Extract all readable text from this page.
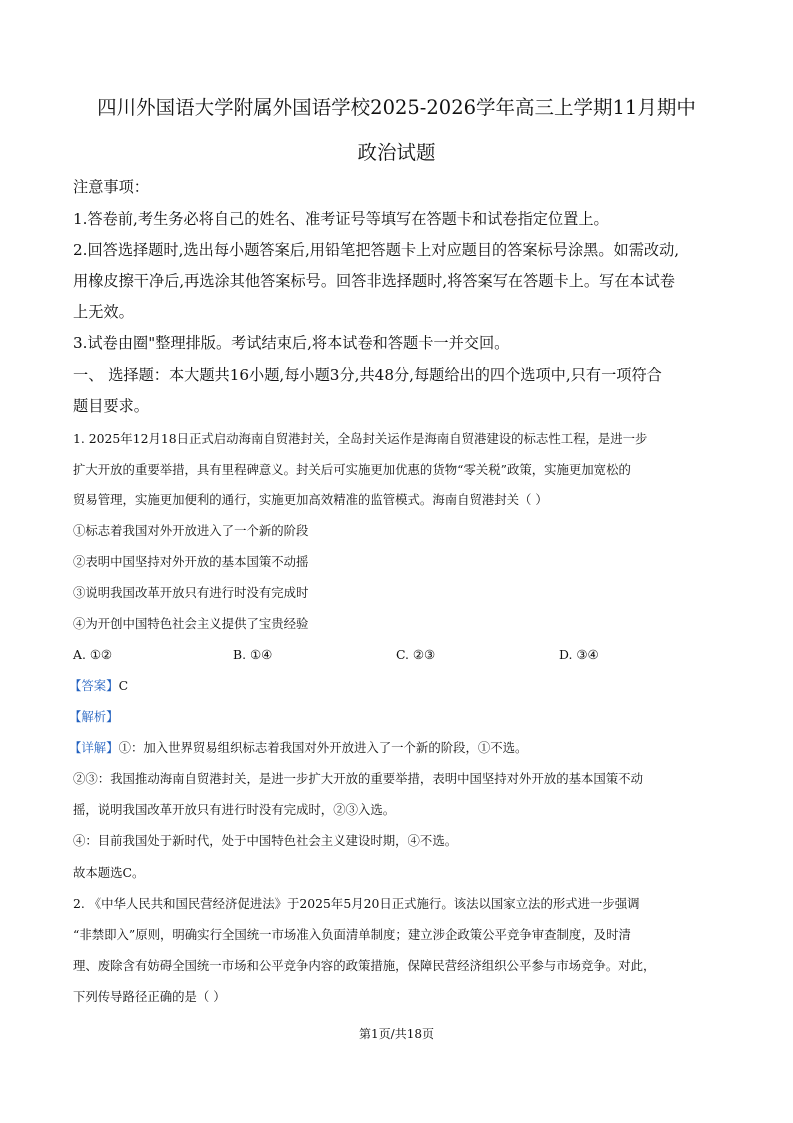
四川外国语大学附属外国语学校2025-2026学年高三上学期11月期中
政治试题
注意事项：
1.答卷前,考生务必将自己的姓名、准考证号等填写在答题卡和试卷指定位置上。
2.回答选择题时,选出每小题答案后,用铅笔把答题卡上对应题目的答案标号涂黑。如需改动,
用橡皮擦干净后,再选涂其他答案标号。回答非选择题时,将答案写在答题卡上。写在本试卷
上无效。
3.试卷由圈"整理排版。考试结束后,将本试卷和答题卡一并交回。
一、 选择题：本大题共16小题,每小题3分,共48分,每题给出的四个选项中,只有一项符合
题目要求。
1. 2025年12月18日正式启动海南自贸港封关，全岛封关运作是海南自贸港建设的标志性工程，是进一步
扩大开放的重要举措，具有里程碑意义。封关后可实施更加优惠的货物“零关税”政策，实施更加宽松的
贸易管理，实施更加便利的通行，实施更加高效精准的监管模式。海南自贸港封关（ ）
①标志着我国对外开放进入了一个新的阶段
②表明中国坚持对外开放的基本国策不动摇
③说明我国改革开放只有进行时没有完成时
④为开创中国特色社会主义提供了宝贵经验
A. ①②	B. ①④	C. ②③	D. ③④
【答案】C
【解析】
【详解】①：加入世界贸易组织标志着我国对外开放进入了一个新的阶段，①不选。
②③：我国推动海南自贸港封关，是进一步扩大开放的重要举措，表明中国坚持对外开放的基本国策不动
摇，说明我国改革开放只有进行时没有完成时，②③入选。
④：目前我国处于新时代，处于中国特色社会主义建设时期，④不选。
故本题选C。
2. 《中华人民共和国民营经济促进法》于2025年5月20日正式施行。该法以国家立法的形式进一步强调
“非禁即入”原则，明确实行全国统一市场准入负面清单制度；建立涉企政策公平竞争审查制度，及时清
理、废除含有妨碍全国统一市场和公平竞争内容的政策措施，保障民营经济组织公平参与市场竞争。对此，
下列传导路径正确的是（ ）
第1页/共18页
